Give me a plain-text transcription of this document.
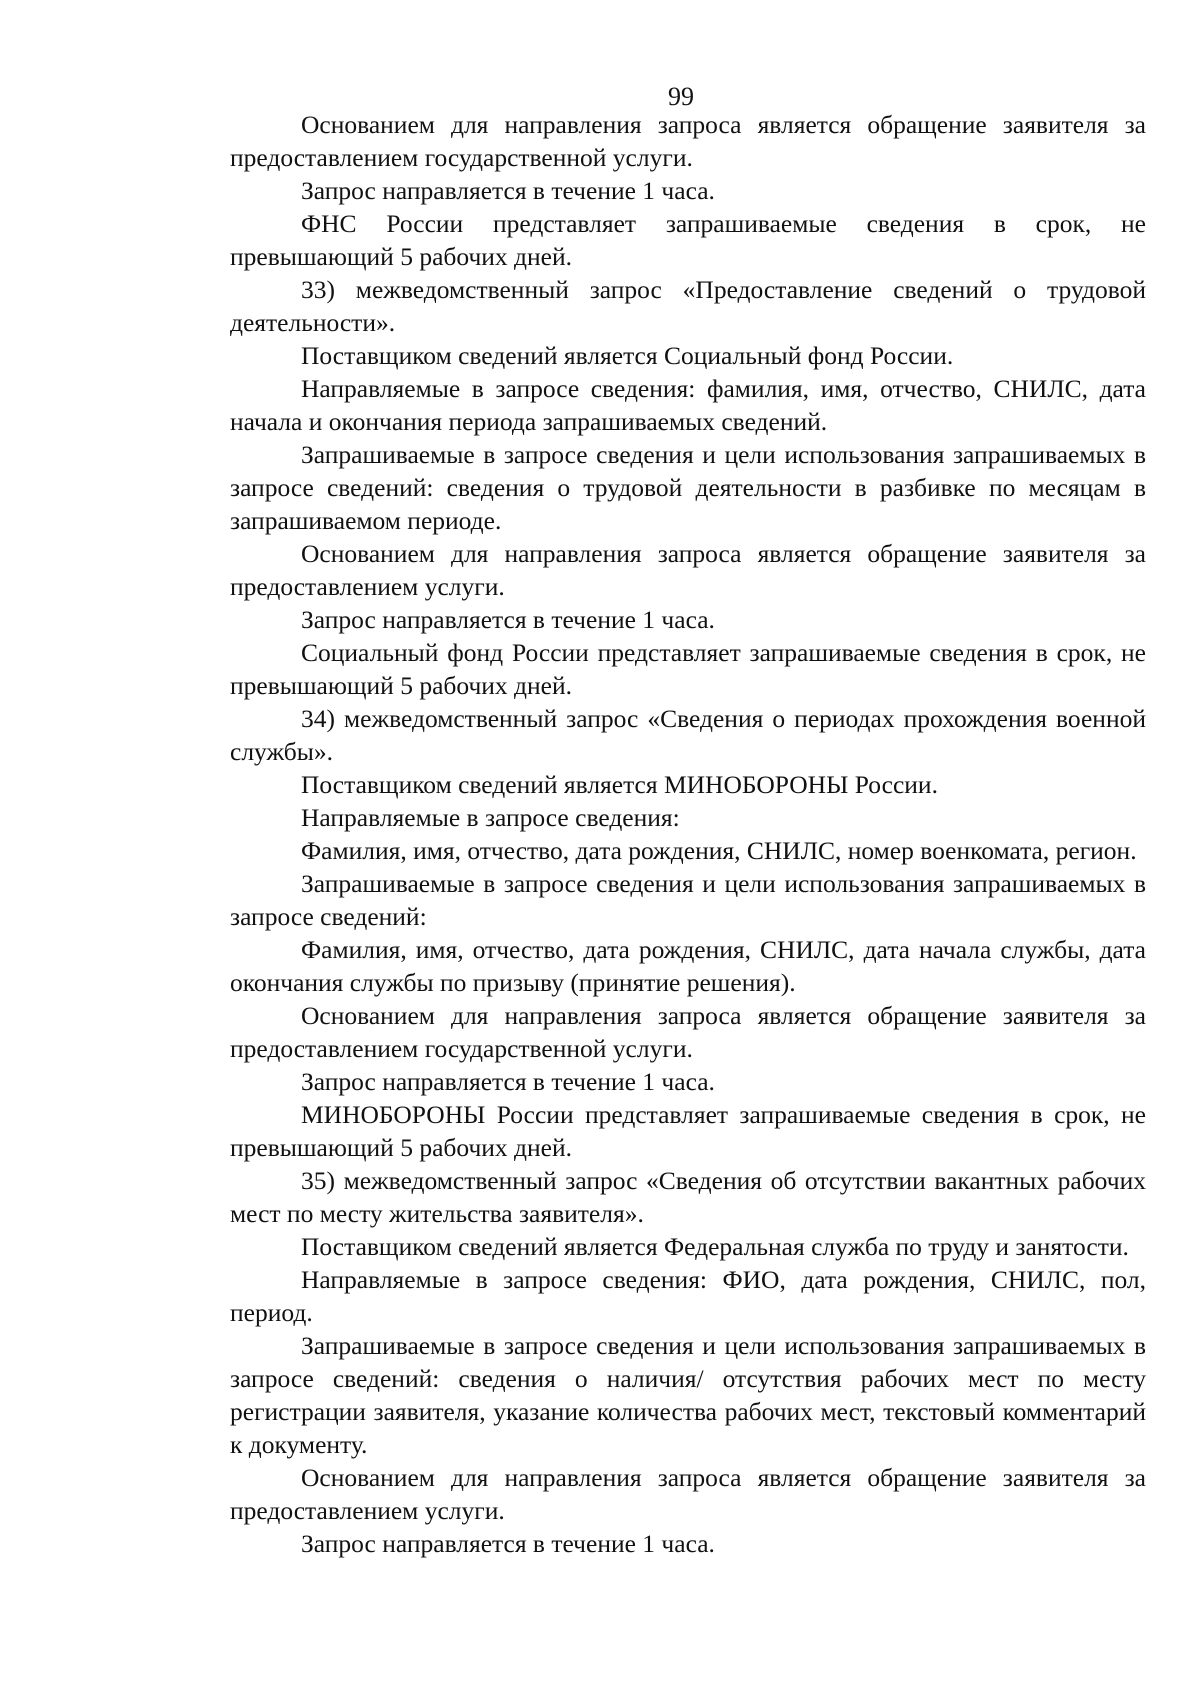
99

Основанием для направления запроса является обращение заявителя за предоставлением государственной услуги.

Запрос направляется в течение 1 часа.

ФНС России представляет запрашиваемые сведения в срок, не превышающий 5 рабочих дней.

33) межведомственный запрос «Предоставление сведений о трудовой деятельности».

Поставщиком сведений является Социальный фонд России.

Направляемые в запросе сведения: фамилия, имя, отчество, СНИЛС, дата начала и окончания периода запрашиваемых сведений.

Запрашиваемые в запросе сведения и цели использования запрашиваемых в запросе сведений: сведения о трудовой деятельности в разбивке по месяцам в запрашиваемом периоде.

Основанием для направления запроса является обращение заявителя за предоставлением услуги.

Запрос направляется в течение 1 часа.

Социальный фонд России представляет запрашиваемые сведения в срок, не превышающий 5 рабочих дней.

34) межведомственный запрос «Сведения о периодах прохождения военной службы».

Поставщиком сведений является МИНОБОРОНЫ России.

Направляемые в запросе сведения:

Фамилия, имя, отчество, дата рождения, СНИЛС, номер военкомата, регион.

Запрашиваемые в запросе сведения и цели использования запрашиваемых в запросе сведений:

Фамилия, имя, отчество, дата рождения, СНИЛС, дата начала службы, дата окончания службы по призыву (принятие решения).

Основанием для направления запроса является обращение заявителя за предоставлением государственной услуги.

Запрос направляется в течение 1 часа.

МИНОБОРОНЫ России представляет запрашиваемые сведения в срок, не превышающий 5 рабочих дней.

35) межведомственный запрос «Сведения об отсутствии вакантных рабочих мест по месту жительства заявителя».

Поставщиком сведений является Федеральная служба по труду и занятости.

Направляемые в запросе сведения: ФИО, дата рождения, СНИЛС, пол, период.

Запрашиваемые в запросе сведения и цели использования запрашиваемых в запросе сведений: сведения о наличия/ отсутствия рабочих мест по месту регистрации заявителя, указание количества рабочих мест, текстовый комментарий к документу.

Основанием для направления запроса является обращение заявителя за предоставлением услуги.

Запрос направляется в течение 1 часа.
